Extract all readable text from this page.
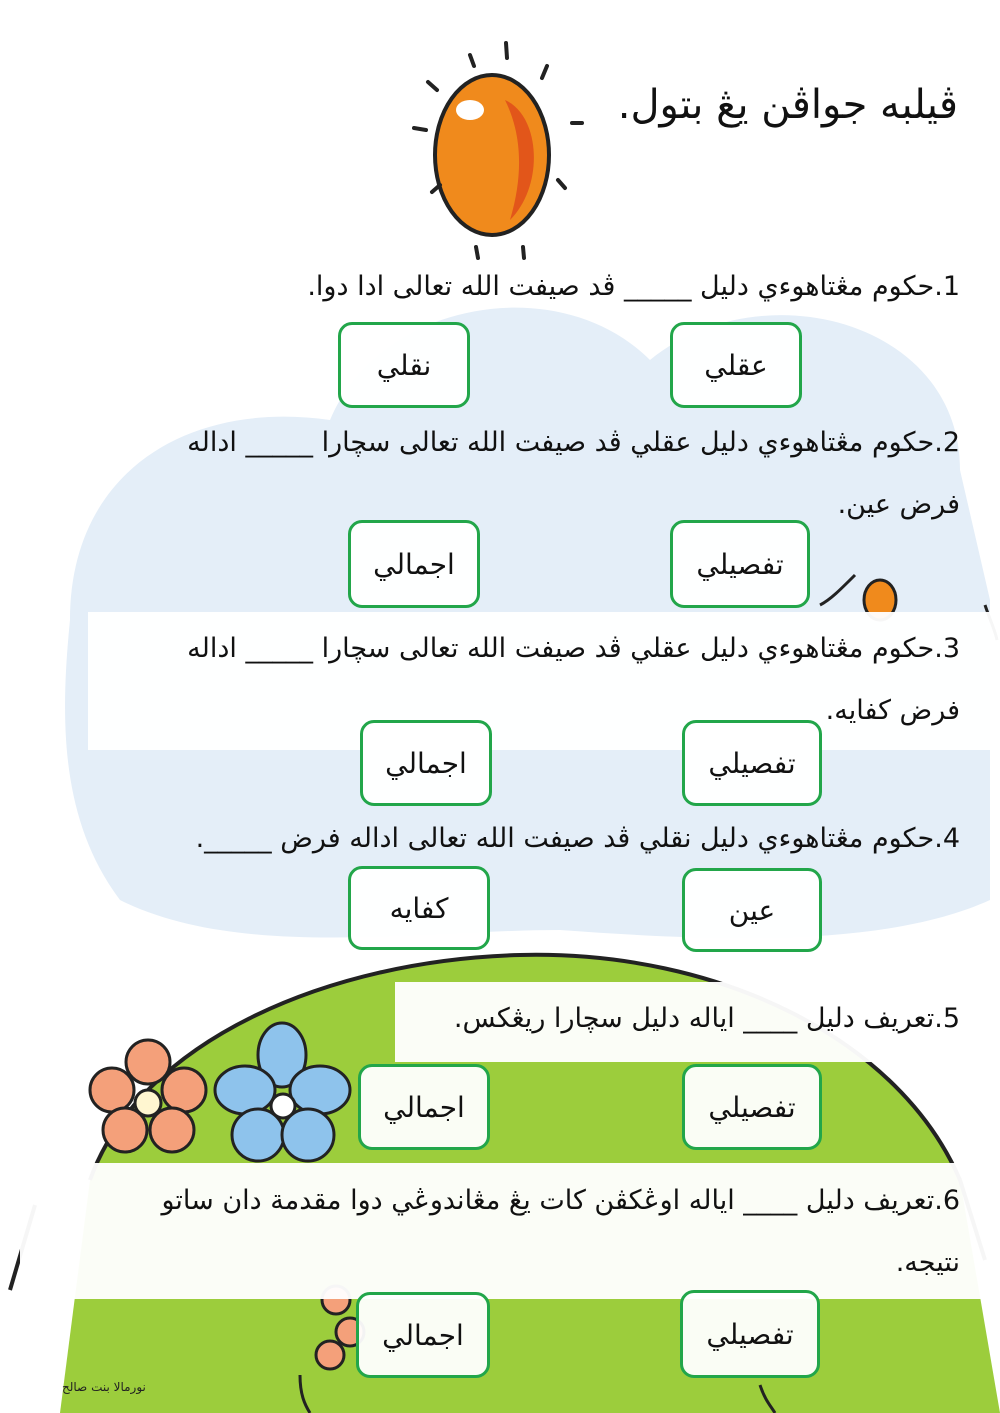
ڤيلبه جواڤن يڠ بتول.
1.حكوم مڠتاهوءي دليل _____ ڤد صيفت الله تعالى ادا دوا.
عقلي
نقلي
2.حكوم مڠتاهوءي دليل عقلي ڤد صيفت الله تعالى سچارا _____ اداله
فرض عين.
تفصيلي
اجمالي
3.حكوم مڠتاهوءي دليل عقلي ڤد صيفت الله تعالى سچارا _____ اداله
فرض كفايه.
تفصيلي
اجمالي
4.حكوم مڠتاهوءي دليل نقلي ڤد صيفت الله تعالى اداله فرض _____.
عين
كفايه
5.تعريف دليل ____ اياله دليل سچارا ريڠكس.
تفصيلي
اجمالي
6.تعريف دليل ____ اياله اوڠكڤن كات يڠ مڠاندوڠي دوا مقدمة دان ساتو
نتيجه.
تفصيلي
اجمالي
نورمالا بنت صالح
